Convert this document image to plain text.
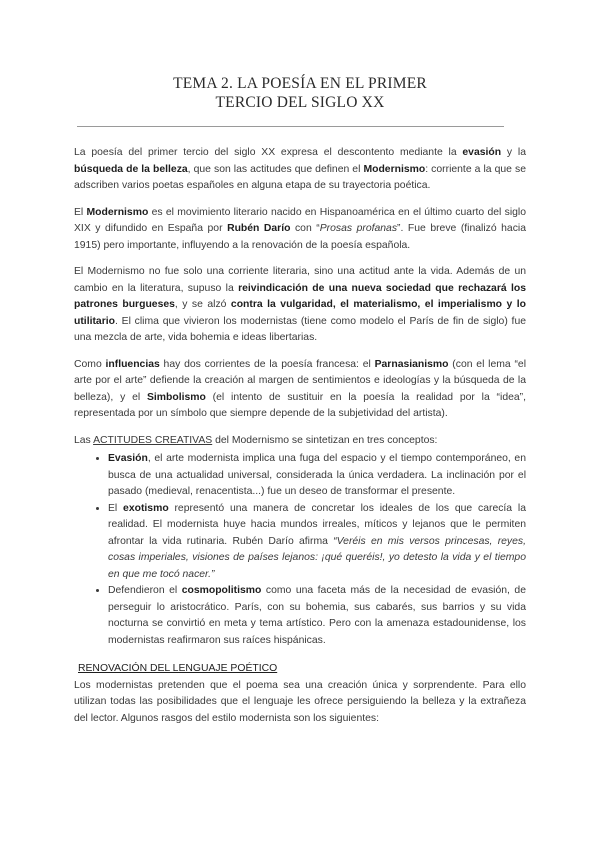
TEMA 2. LA POESÍA EN EL PRIMER
TERCIO DEL SIGLO XX

La poesía del primer tercio del siglo XX expresa el descontento mediante la evasión y la búsqueda de la belleza, que son las actitudes que definen el Modernismo: corriente a la que se adscriben varios poetas españoles en alguna etapa de su trayectoria poética.

El Modernismo es el movimiento literario nacido en Hispanoamérica en el último cuarto del siglo XIX y difundido en España por Rubén Darío con “Prosas profanas”. Fue breve (finalizó hacia 1915) pero importante, influyendo a la renovación de la poesía española.

El Modernismo no fue solo una corriente literaria, sino una actitud ante la vida. Además de un cambio en la literatura, supuso la reivindicación de una nueva sociedad que rechazará los patrones burgueses, y se alzó contra la vulgaridad, el materialismo, el imperialismo y lo utilitario. El clima que vivieron los modernistas (tiene como modelo el París de fin de siglo) fue una mezcla de arte, vida bohemia e ideas libertarias.

Como influencias hay dos corrientes de la poesía francesa: el Parnasianismo (con el lema “el arte por el arte” defiende la creación al margen de sentimientos e ideologías y la búsqueda de la belleza), y el Simbolismo (el intento de sustituir en la poesía la realidad por la “idea”, representada por un símbolo que siempre depende de la subjetividad del artista).

Las ACTITUDES CREATIVAS del Modernismo se sintetizan en tres conceptos:

• Evasión, el arte modernista implica una fuga del espacio y el tiempo contemporáneo, en busca de una actualidad universal, considerada la única verdadera. La inclinación por el pasado (medieval, renacentista...) fue un deseo de transformar el presente.
• El exotismo representó una manera de concretar los ideales de los que carecía la realidad. El modernista huye hacia mundos irreales, míticos y lejanos que le permiten afrontar la vida rutinaria. Rubén Darío afirma “Veréis en mis versos princesas, reyes, cosas imperiales, visiones de países lejanos: ¡qué queréis!, yo detesto la vida y el tiempo en que me tocó nacer.”
• Defendieron el cosmopolitismo como una faceta más de la necesidad de evasión, de perseguir lo aristocrático. París, con su bohemia, sus cabarés, sus barrios y su vida nocturna se convirtió en meta y tema artístico. Pero con la amenaza estadounidense, los modernistas reafirmaron sus raíces hispánicas.
RENOVACIÓN DEL LENGUAJE POÉTICO

Los modernistas pretenden que el poema sea una creación única y sorprendente. Para ello utilizan todas las posibilidades que el lenguaje les ofrece persiguiendo la belleza y la extrañeza del lector. Algunos rasgos del estilo modernista son los siguientes:
